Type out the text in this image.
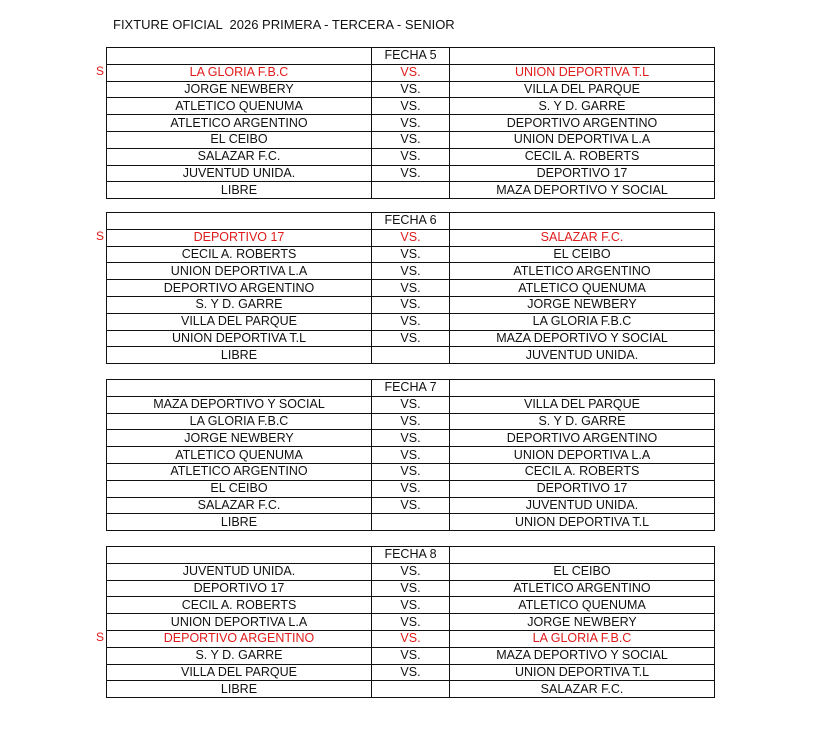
FIXTURE OFICIAL  2026 PRIMERA - TERCERA - SENIOR
S
	FECHA 5	
LA GLORIA F.B.C	VS.	UNION DEPORTIVA T.L
JORGE NEWBERY	VS.	VILLA DEL PARQUE
ATLETICO QUENUMA	VS.	S. Y D. GARRE
ATLETICO ARGENTINO	VS.	DEPORTIVO ARGENTINO
EL CEIBO	VS.	UNION DEPORTIVA L.A
SALAZAR F.C.	VS.	CECIL A. ROBERTS
JUVENTUD UNIDA.	VS.	DEPORTIVO 17
LIBRE		MAZA DEPORTIVO Y SOCIAL
S
	FECHA 6	
DEPORTIVO 17	VS.	SALAZAR F.C.
CECIL A. ROBERTS	VS.	EL CEIBO
UNION DEPORTIVA L.A	VS.	ATLETICO ARGENTINO
DEPORTIVO ARGENTINO	VS.	ATLETICO QUENUMA
S. Y D. GARRE	VS.	JORGE NEWBERY
VILLA DEL PARQUE	VS.	LA GLORIA F.B.C
UNION DEPORTIVA T.L	VS.	MAZA DEPORTIVO Y SOCIAL
LIBRE		JUVENTUD UNIDA.
	FECHA 7	
MAZA DEPORTIVO Y SOCIAL	VS.	VILLA DEL PARQUE
LA GLORIA F.B.C	VS.	S. Y D. GARRE
JORGE NEWBERY	VS.	DEPORTIVO ARGENTINO
ATLETICO QUENUMA	VS.	UNION DEPORTIVA L.A
ATLETICO ARGENTINO	VS.	CECIL A. ROBERTS
EL CEIBO	VS.	DEPORTIVO 17
SALAZAR F.C.	VS.	JUVENTUD UNIDA.
LIBRE		UNION DEPORTIVA T.L
S
	FECHA 8	
JUVENTUD UNIDA.	VS.	EL CEIBO
DEPORTIVO 17	VS.	ATLETICO ARGENTINO
CECIL A. ROBERTS	VS.	ATLETICO QUENUMA
UNION DEPORTIVA L.A	VS.	JORGE NEWBERY
DEPORTIVO ARGENTINO	VS.	LA GLORIA F.B.C
S. Y D. GARRE	VS.	MAZA DEPORTIVO Y SOCIAL
VILLA DEL PARQUE	VS.	UNION DEPORTIVA T.L
LIBRE		SALAZAR F.C.
